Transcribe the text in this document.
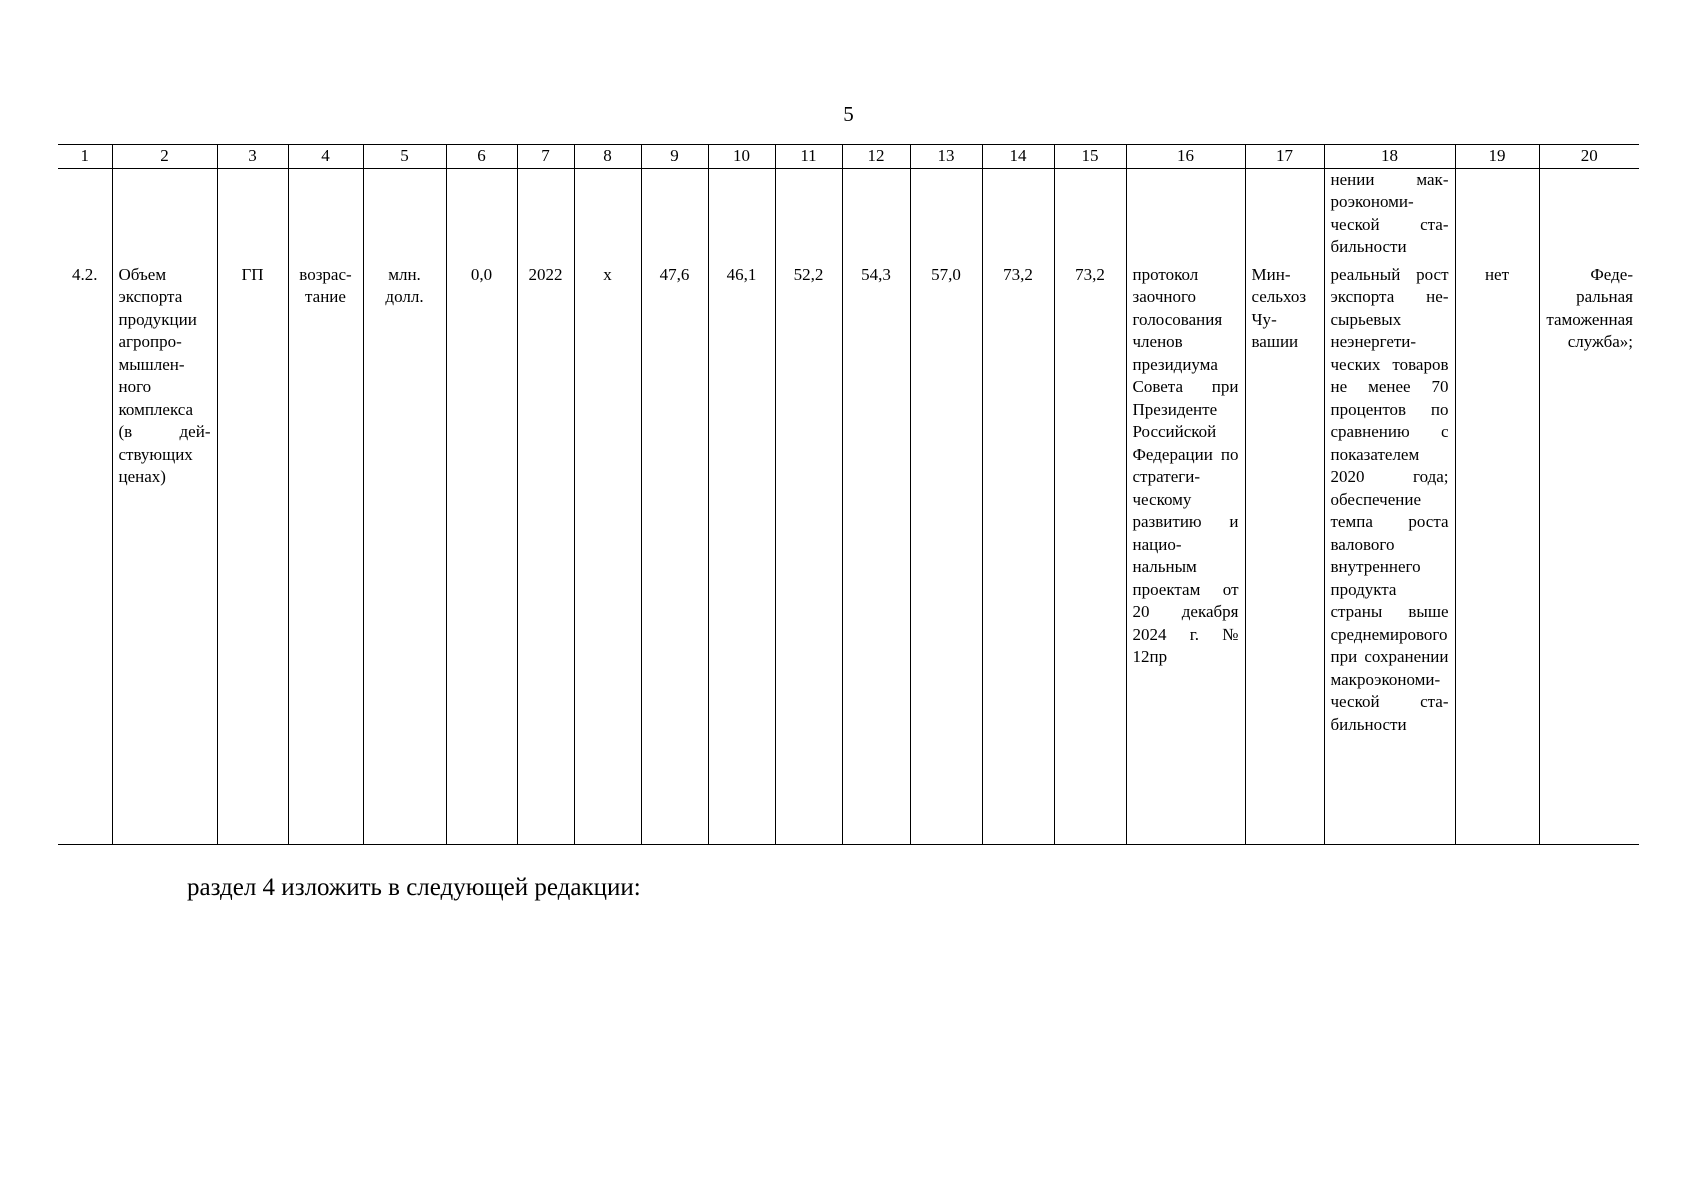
5
1	2	3	4	5	6	7	8	9	10	11	12	13	14	15	16	17	18	19	20
																	нении макроэкономической стабильности		
4.2.	Объем экспорта продукции агропромышленного комплекса (в действующих ценах)	ГП	возрастание	млн. долл.	0,0	2022	х	47,6	46,1	52,2	54,3	57,0	73,2	73,2	протокол заочного голосования членов президиума Совета при Президенте Российской Федерации по стратегическому развитию и национальным проектам от 20 декабря 2024 г. № 12пр	Минсельхоз Чувашии	реальный рост экспорта несырьевых неэнергетических товаров не менее 70 процентов по сравнению с показателем 2020 года; обеспечение темпа роста валового внутреннего продукта страны выше среднемирового при сохранении макроэкономической стабильности	нет	Федеральная таможенная служба»;
раздел 4 изложить в следующей редакции:
